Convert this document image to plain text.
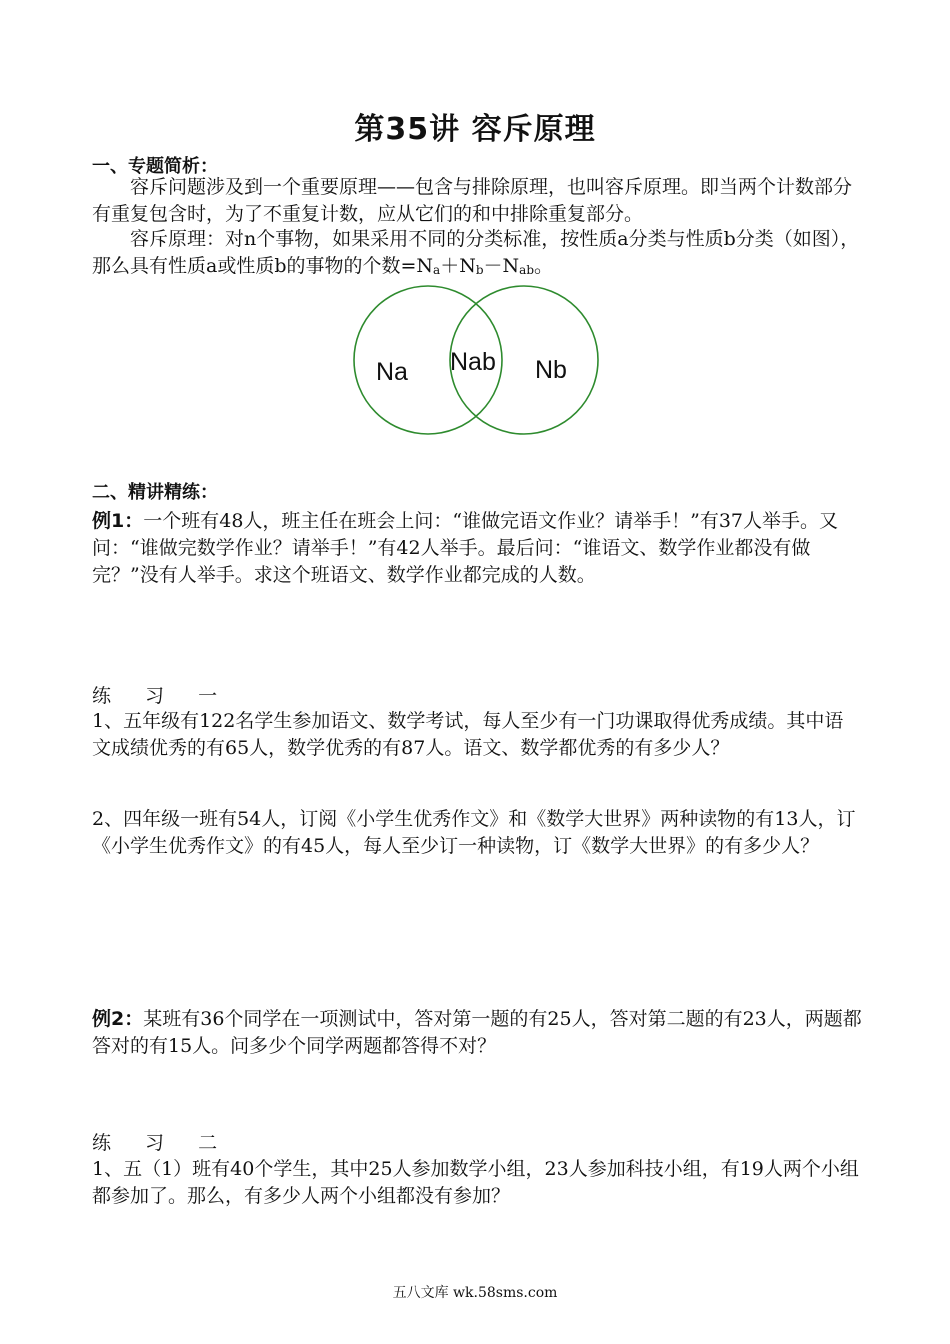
第35讲 容斥原理
一、专题简析：
容斥问题涉及到一个重要原理——包含与排除原理，也叫容斥原理。即当两个计数部分有重复包含时，为了不重复计数，应从它们的和中排除重复部分。
容斥原理：对n个事物，如果采用不同的分类标准，按性质a分类与性质b分类（如图），那么具有性质a或性质b的事物的个数$=N_a+N_b-N_{ab}$。
Na Nab Nb
二、精讲精练：
例1：一个班有48人，班主任在班会上问：“谁做完语文作业？请举手！”有37人举手。又问：“谁做完数学作业？请举手！”有42人举手。最后问：“谁语文、数学作业都没有做完？”没有人举手。求这个班语文、数学作业都完成的人数。
练 习 一
1、五年级有122名学生参加语文、数学考试，每人至少有一门功课取得优秀成绩。其中语文成绩优秀的有65人，数学优秀的有87人。语文、数学都优秀的有多少人？
2、四年级一班有54人，订阅《小学生优秀作文》和《数学大世界》两种读物的有13人，订《小学生优秀作文》的有45人，每人至少订一种读物，订《数学大世界》的有多少人？
例2：某班有36个同学在一项测试中，答对第一题的有25人，答对第二题的有23人，两题都答对的有15人。问多少个同学两题都答得不对？
练 习 二
1、五（1）班有40个学生，其中25人参加数学小组，23人参加科技小组，有19人两个小组都参加了。那么，有多少人两个小组都没有参加？
五八文库 wk.58sms.com
